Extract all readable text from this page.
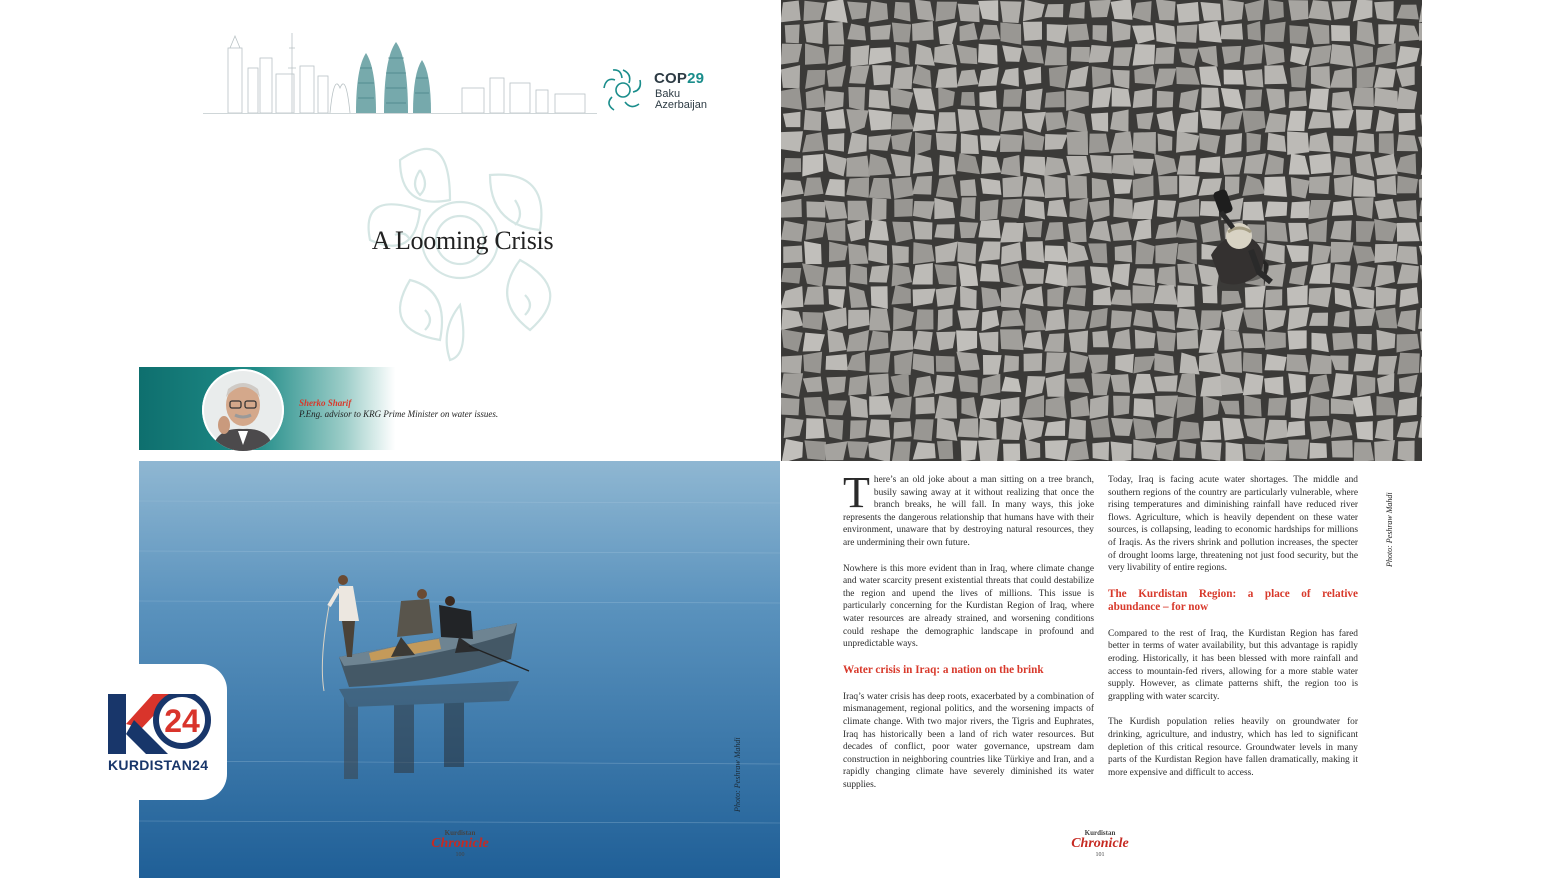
COP29
Baku
Azerbaijan
A Looming Crisis
Sherko Sharif
P.Eng. advisor to KRG Prime Minister on water issues.
Photo: Peshraw Mahdi
Kurdistan
Chronicle
100
24
KURDISTAN24

There’s an old joke about a man sitting on a tree branch, busily sawing away at it without realizing that once the branch breaks, he will fall. In many ways, this joke represents the dangerous relationship that humans have with their environment, unaware that by destroying natural resources, they are undermining their own future.

Nowhere is this more evident than in Iraq, where climate change and water scarcity present existential threats that could destabilize the region and upend the lives of millions. This issue is particularly concerning for the Kurdistan Region of Iraq, where water resources are already strained, and worsening conditions could reshape the demographic landscape in profound and unpredictable ways.

Water crisis in Iraq: a nation on the brink

Iraq’s water crisis has deep roots, exacerbated by a combination of mismanagement, regional politics, and the worsening impacts of climate change. With two major rivers, the Tigris and Euphrates, Iraq has historically been a land of rich water resources. But decades of conflict, poor water governance, upstream dam construction in neighboring countries like Türkiye and Iran, and a rapidly changing climate have severely diminished its water supplies.

Today, Iraq is facing acute water shortages. The middle and southern regions of the country are particularly vulnerable, where rising temperatures and diminishing rainfall have reduced river flows. Agriculture, which is heavily dependent on these water sources, is collapsing, leading to economic hardships for millions of Iraqis. As the rivers shrink and pollution increases, the specter of drought looms large, threatening not just food security, but the very livability of entire regions.

The Kurdistan Region: a place of relative abundance – for now

Compared to the rest of Iraq, the Kurdistan Region has fared better in terms of water availability, but this advantage is rapidly eroding. Historically, it has been blessed with more rainfall and access to mountain-fed rivers, allowing for a more stable water supply. However, as climate patterns shift, the region too is grappling with water scarcity.

The Kurdish population relies heavily on groundwater for drinking, agriculture, and industry, which has led to significant depletion of this critical resource. Groundwater levels in many parts of the Kurdistan Region have fallen dramatically, making it more expensive and difficult to access.

Photo: Peshraw Mahdi
Kurdistan
Chronicle
101
